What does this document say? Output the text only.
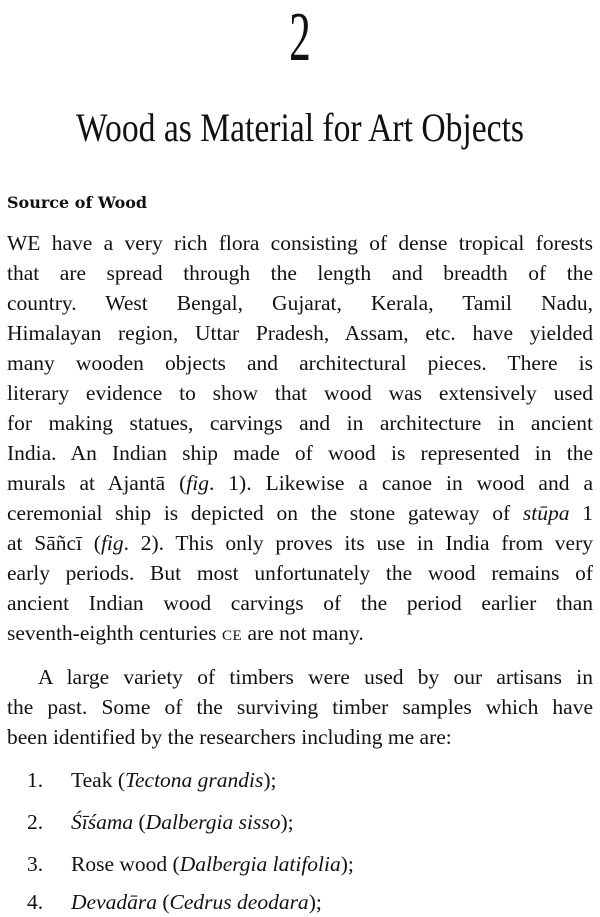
2
Wood as Material for Art Objects
Source of Wood
WE have a very rich flora consisting of dense tropical forests
that are spread through the length and breadth of the
country. West Bengal, Gujarat, Kerala, Tamil Nadu,
Himalayan region, Uttar Pradesh, Assam, etc. have yielded
many wooden objects and architectural pieces. There is
literary evidence to show that wood was extensively used
for making statues, carvings and in architecture in ancient
India. An Indian ship made of wood is represented in the
murals at Ajantā (fig. 1). Likewise a canoe in wood and a
ceremonial ship is depicted on the stone gateway of stūpa 1
at Sāñcī (fig. 2). This only proves its use in India from very
early periods. But most unfortunately the wood remains of
ancient Indian wood carvings of the period earlier than
seventh-eighth centuries CE are not many.
A large variety of timbers were used by our artisans in
the past. Some of the surviving timber samples which have
been identified by the researchers including me are:
1. Teak (Tectona grandis);
2. Śīśama (Dalbergia sisso);
3. Rose wood (Dalbergia latifolia);
4. Devadāra (Cedrus deodara);
